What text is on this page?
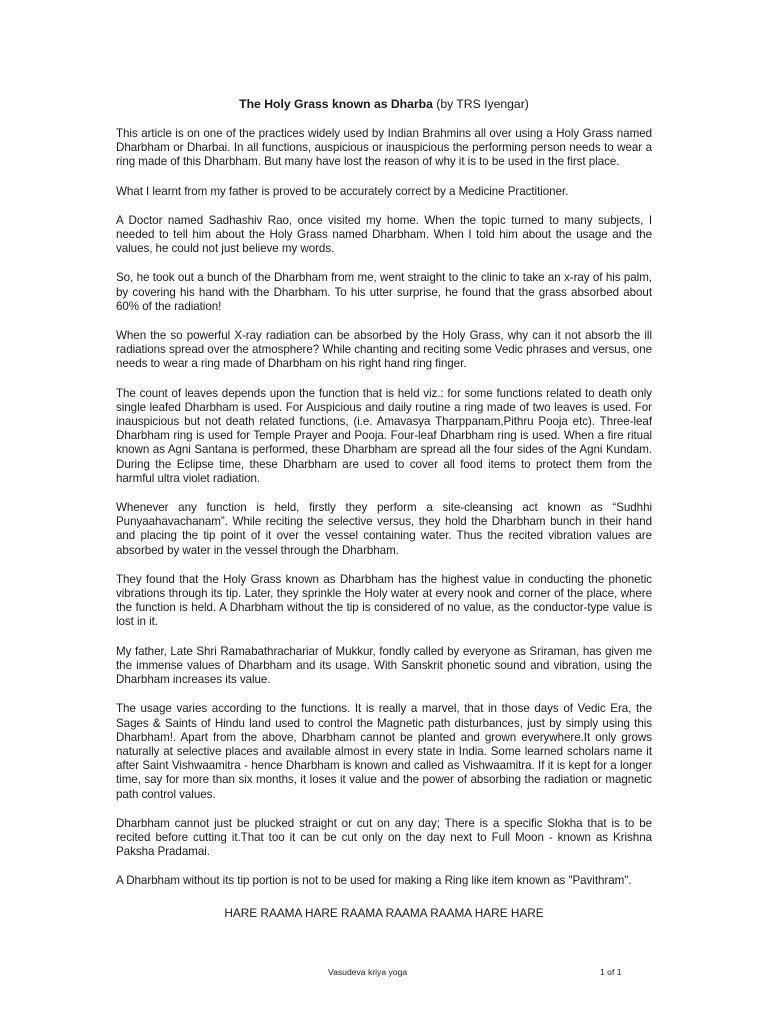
The Holy Grass known as Dharba (by TRS Iyengar)

This article is on one of the practices widely used by Indian Brahmins all over using a Holy Grass named Dharbham or Dharbai. In all functions, auspicious or inauspicious the performing person needs to wear a ring made of this Dharbham. But many have lost the reason of why it is to be used in the first place.

What I learnt from my father is proved to be accurately correct by a Medicine Practitioner.

A Doctor named Sadhashiv Rao, once visited my home. When the topic turned to many subjects, I needed to tell him about the Holy Grass named Dharbham. When I told him about the usage and the values, he could not just believe my words.

So, he took out a bunch of the Dharbham from me, went straight to the clinic to take an x-ray of his palm, by covering his hand with the Dharbham. To his utter surprise, he found that the grass absorbed about 60% of the radiation!

When the so powerful X-ray radiation can be absorbed by the Holy Grass, why can it not absorb the ill radiations spread over the atmosphere? While chanting and reciting some Vedic phrases and versus, one needs to wear a ring made of Dharbham on his right hand ring finger.

The count of leaves depends upon the function that is held viz.: for some functions related to death only single leafed Dharbham is used. For Auspicious and daily routine a ring made of two leaves is used. For inauspicious but not death related functions, (i.e. Amavasya Tharppanam,Pithru Pooja etc). Three-leaf Dharbham ring is used for Temple Prayer and Pooja. Four-leaf Dharbham ring is used. When a fire ritual known as Agni Santana is performed, these Dharbham are spread all the four sides of the Agni Kundam. During the Eclipse time, these Dharbham are used to cover all food items to protect them from the harmful ultra violet radiation.

Whenever any function is held, firstly they perform a site-cleansing act known as “Sudhhi Punyaahavachanam”. While reciting the selective versus, they hold the Dharbham bunch in their hand and placing the tip point of it over the vessel containing water. Thus the recited vibration values are absorbed by water in the vessel through the Dharbham.

They found that the Holy Grass known as Dharbham has the highest value in conducting the phonetic vibrations through its tip. Later, they sprinkle the Holy water at every nook and corner of the place, where the function is held. A Dharbham without the tip is considered of no value, as the conductor-type value is lost in it.

My father, Late Shri Ramabathrachariar of Mukkur, fondly called by everyone as Sriraman, has given me the immense values of Dharbham and its usage. With Sanskrit phonetic sound and vibration, using the Dharbham increases its value.

The usage varies according to the functions. It is really a marvel, that in those days of Vedic Era, the Sages & Saints of Hindu land used to control the Magnetic path disturbances, just by simply using this Dharbham!. Apart from the above, Dharbham cannot be planted and grown everywhere.It only grows naturally at selective places and available almost in every state in India. Some learned scholars name it after Saint Vishwaamitra - hence Dharbham is known and called as Vishwaamitra. If it is kept for a longer time, say for more than six months, it loses it value and the power of absorbing the radiation or magnetic path control values.

Dharbham cannot just be plucked straight or cut on any day; There is a specific Slokha that is to be recited before cutting it.That too it can be cut only on the day next to Full Moon - known as Krishna Paksha Pradamai.

A Dharbham without its tip portion is not to be used for making a Ring like item known as "Pavithram".

HARE RAAMA HARE RAAMA RAAMA RAAMA HARE HARE

Vasudeva kriya yoga	1 of 1
